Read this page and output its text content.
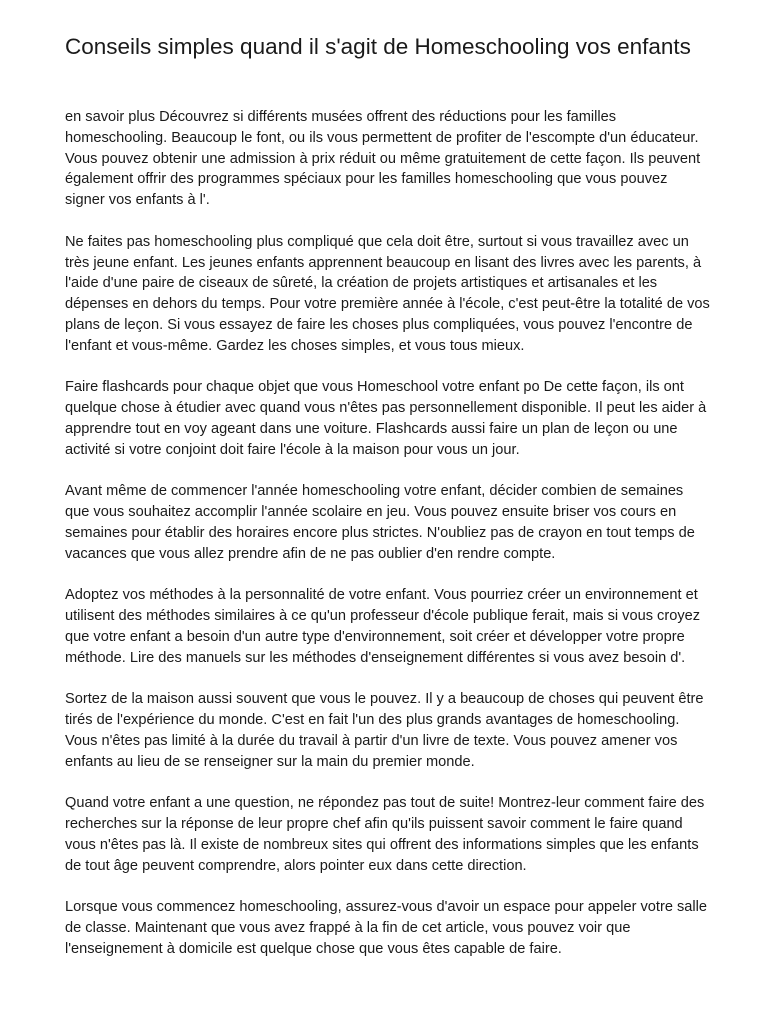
Conseils simples quand il s'agit de Homeschooling vos enfants

en savoir plus Découvrez si différents musées offrent des réductions pour les familles homeschooling. Beaucoup le font, ou ils vous permettent de profiter de l'escompte d'un éducateur. Vous pouvez obtenir une admission à prix réduit ou même gratuitement de cette façon. Ils peuvent également offrir des programmes spéciaux pour les familles homeschooling que vous pouvez signer vos enfants à l'.

Ne faites pas homeschooling plus compliqué que cela doit être, surtout si vous travaillez avec un très jeune enfant. Les jeunes enfants apprennent beaucoup en lisant des livres avec les parents, à l'aide d'une paire de ciseaux de sûreté, la création de projets artistiques et artisanales et les dépenses en dehors du temps. Pour votre première année à l'école, c'est peut-être la totalité de vos plans de leçon. Si vous essayez de faire les choses plus compliquées, vous pouvez l'encontre de l'enfant et vous-même. Gardez les choses simples, et vous tous mieux.

Faire flashcards pour chaque objet que vous Homeschool votre enfant po De cette façon, ils ont quelque chose à étudier avec quand vous n'êtes pas personnellement disponible. Il peut les aider à apprendre tout en voy ageant dans une voiture. Flashcards aussi faire un plan de leçon ou une activité si votre conjoint doit faire l'école à la maison pour vous un jour.

Avant même de commencer l'année homeschooling votre enfant, décider combien de semaines que vous souhaitez accomplir l'année scolaire en jeu. Vous pouvez ensuite briser vos cours en semaines pour établir des horaires encore plus strictes. N'oubliez pas de crayon en tout temps de vacances que vous allez prendre afin de ne pas oublier d'en rendre compte.

Adoptez vos méthodes à la personnalité de votre enfant. Vous pourriez créer un environnement et utilisent des méthodes similaires à ce qu'un professeur d'école publique ferait, mais si vous croyez que votre enfant a besoin d'un autre type d'environnement, soit créer et développer votre propre méthode. Lire des manuels sur les méthodes d'enseignement différentes si vous avez besoin d'.

Sortez de la maison aussi souvent que vous le pouvez. Il y a beaucoup de choses qui peuvent être tirés de l'expérience du monde. C'est en fait l'un des plus grands avantages de homeschooling. Vous n'êtes pas limité à la durée du travail à partir d'un livre de texte. Vous pouvez amener vos enfants au lieu de se renseigner sur la main du premier monde.

Quand votre enfant a une question, ne répondez pas tout de suite! Montrez-leur comment faire des recherches sur la réponse de leur propre chef afin qu'ils puissent savoir comment le faire quand vous n'êtes pas là. Il existe de nombreux sites qui offrent des informations simples que les enfants de tout âge peuvent comprendre, alors pointer eux dans cette direction.

Lorsque vous commencez homeschooling, assurez-vous d'avoir un espace pour appeler votre salle de classe. Maintenant que vous avez frappé à la fin de cet article, vous pouvez voir que l'enseignement à domicile est quelque chose que vous êtes capable de faire.
